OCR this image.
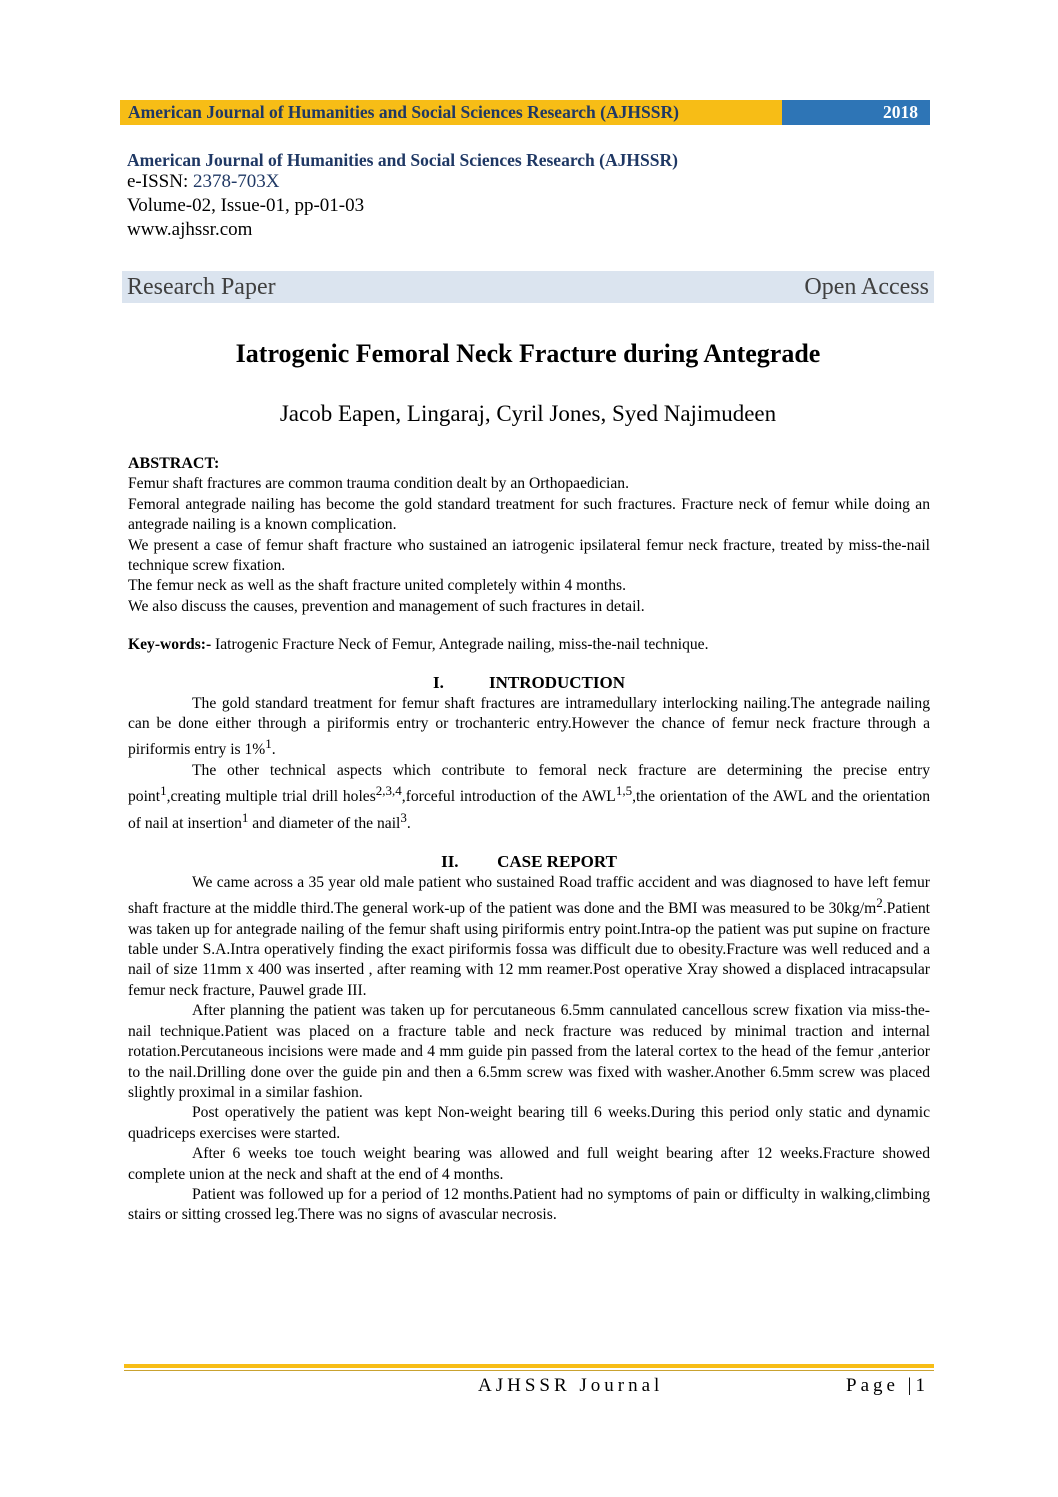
American Journal of Humanities and Social Sciences Research (AJHSSR)	2018
American Journal of Humanities and Social Sciences Research (AJHSSR)
e-ISSN: 2378-703X
Volume-02, Issue-01, pp-01-03
www.ajhssr.com
Research Paper	Open Access
Iatrogenic Femoral Neck Fracture during Antegrade
Jacob Eapen, Lingaraj, Cyril Jones, Syed Najimudeen
ABSTRACT:

Femur shaft fractures are common trauma condition dealt by an Orthopaedician.

Femoral antegrade nailing has become the gold standard treatment for such fractures. Fracture neck of femur while doing an antegrade nailing is a known complication.

We present a case of femur shaft fracture who sustained an iatrogenic ipsilateral femur neck fracture, treated by miss-the-nail technique screw fixation.

The femur neck as well as the shaft fracture united completely within 4 months.

We also discuss the causes, prevention and management of such fractures in detail.

Key-words:- Iatrogenic Fracture Neck of Femur, Antegrade nailing, miss-the-nail technique.

I.	INTRODUCTION

The gold standard treatment for femur shaft fractures are intramedullary interlocking nailing.The antegrade nailing can be done either through a piriformis entry or trochanteric entry.However the chance of femur neck fracture through a piriformis entry is 1%$^1$.

The other technical aspects which contribute to femoral neck fracture are determining the precise entry point$^1$,creating multiple trial drill holes$^{2,3,4}$,forceful introduction of the AWL$^{1,5}$,the orientation of the AWL and the orientation of nail at insertion$^1$ and diameter of the nail$^3$.

II. CASE REPORT

We came across a 35 year old male patient who sustained Road traffic accident and was diagnosed to have left femur shaft fracture at the middle third.The general work-up of the patient was done and the BMI was measured to be $30kg/m^2.Patient$ was taken up for antegrade nailing of the femur shaft using piriformis entry point.Intra-op the patient was put supine on fracture table under S.A.Intra operatively finding the exact piriformis fossa was difficult due to obesity.Fracture was well reduced and a nail of size 11mm x 400 was inserted , after reaming with 12 mm reamer.Post operative Xray showed a displaced intracapsular femur neck fracture, Pauwel grade III.

After planning the patient was taken up for percutaneous 6.5mm cannulated cancellous screw fixation via miss-the-nail technique.Patient was placed on a fracture table and neck fracture was reduced by minimal traction and internal rotation.Percutaneous incisions were made and 4 mm guide pin passed from the lateral cortex to the head of the femur ,anterior to the nail.Drilling done over the guide pin and then a 6.5mm screw was fixed with washer.Another 6.5mm screw was placed slightly proximal in a similar fashion.

Post operatively the patient was kept Non-weight bearing till 6 weeks.During this period only static and dynamic quadriceps exercises were started.

After 6 weeks toe touch weight bearing was allowed and full weight bearing after 12 weeks.Fracture showed complete union at the neck and shaft at the end of 4 months.

Patient was followed up for a period of 12 months.Patient had no symptoms of pain or difficulty in walking,climbing stairs or sitting crossed leg.There was no signs of avascular necrosis.

AJHSSR Journal	Page |1
